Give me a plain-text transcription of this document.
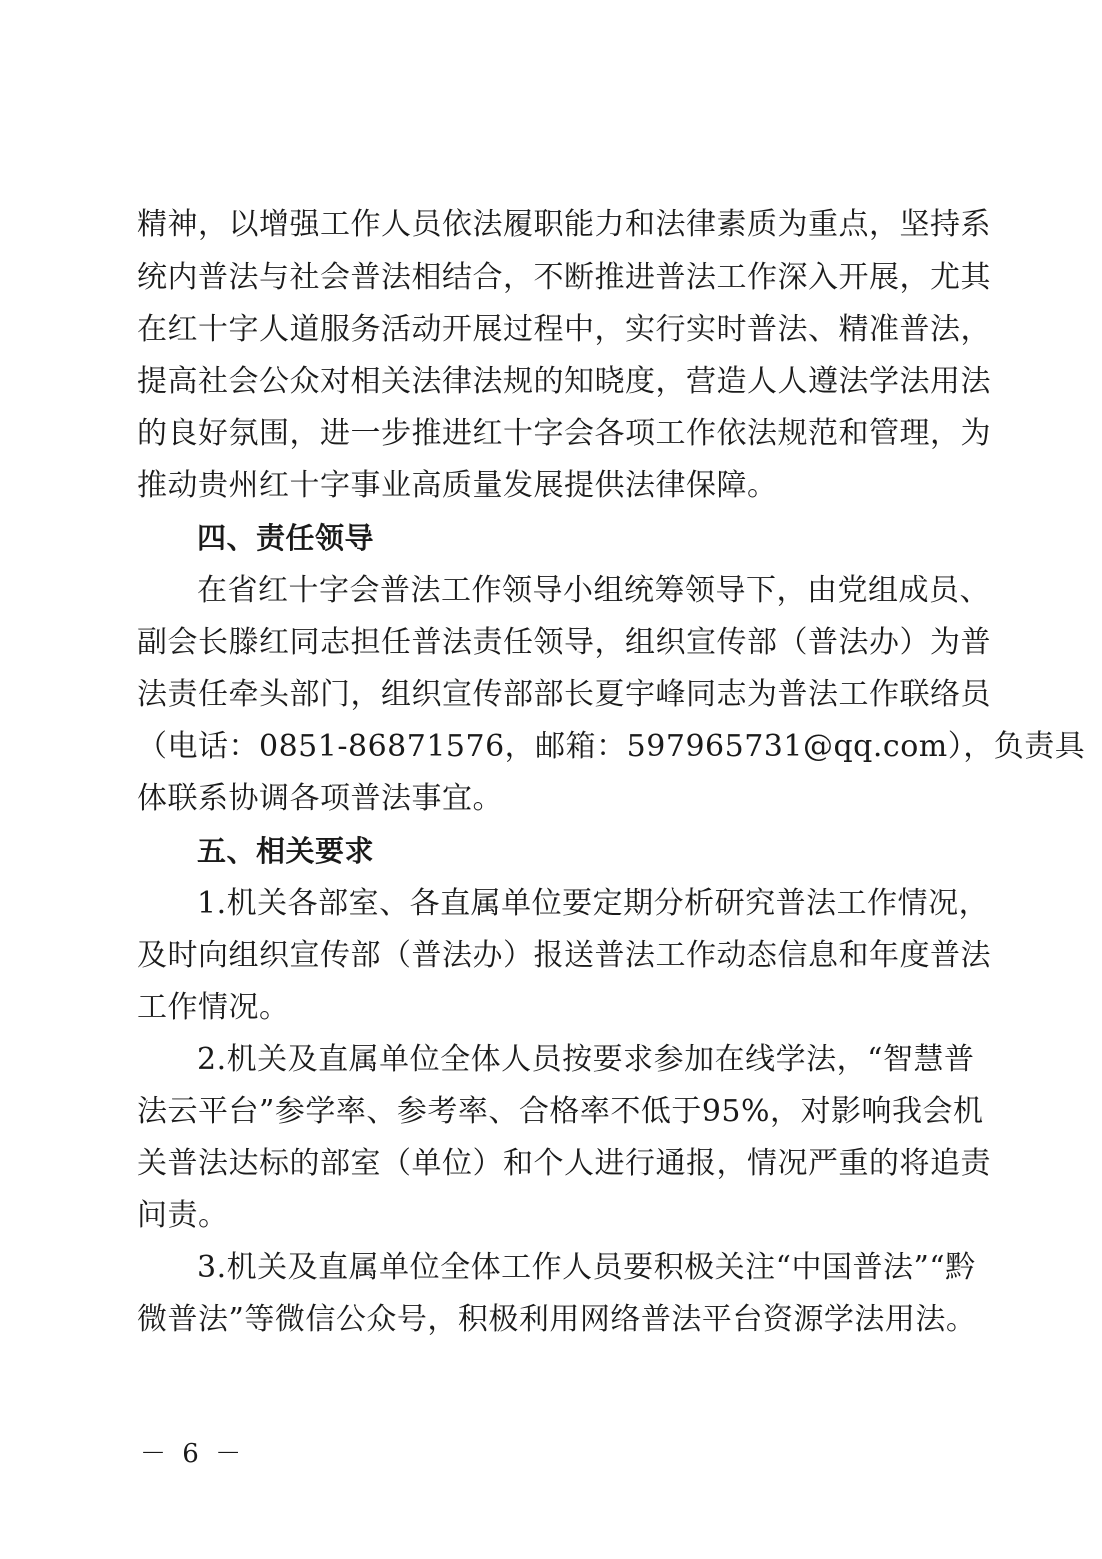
精神，以增强工作人员依法履职能力和法律素质为重点，坚持系
统内普法与社会普法相结合，不断推进普法工作深入开展，尤其
在红十字人道服务活动开展过程中，实行实时普法、精准普法，
提高社会公众对相关法律法规的知晓度，营造人人遵法学法用法
的良好氛围，进一步推进红十字会各项工作依法规范和管理，为
推动贵州红十字事业高质量发展提供法律保障。
四、责任领导
在省红十字会普法工作领导小组统筹领导下，由党组成员、
副会长滕红同志担任普法责任领导，组织宣传部（普法办）为普
法责任牵头部门，组织宣传部部长夏宇峰同志为普法工作联络员
（电话：0851-86871576，邮箱：597965731@qq.com），负责具
体联系协调各项普法事宜。
五、相关要求
1.机关各部室、各直属单位要定期分析研究普法工作情况，
及时向组织宣传部（普法办）报送普法工作动态信息和年度普法
工作情况。
2.机关及直属单位全体人员按要求参加在线学法，“智慧普
法云平台”参学率、参考率、合格率不低于95%，对影响我会机
关普法达标的部室（单位）和个人进行通报，情况严重的将追责
问责。
3.机关及直属单位全体工作人员要积极关注“中国普法”“黔
微普法”等微信公众号，积极利用网络普法平台资源学法用法。
－ 6 －
